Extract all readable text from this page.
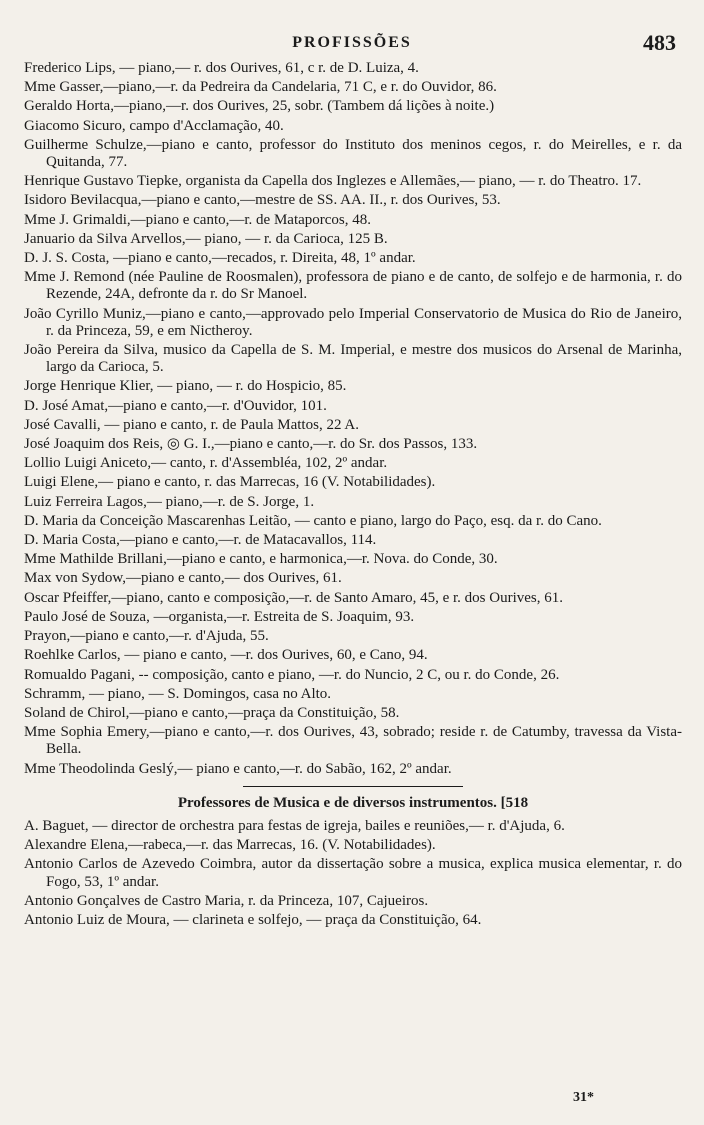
PROFISSÕES	483

Frederico Lips, — piano,— r. dos Ourives, 61, c r. de D. Luiza, 4.

Mme Gasser,—piano,—r. da Pedreira da Candelaria, 71 C, e r. do Ouvidor, 86.

Geraldo Horta,—piano,—r. dos Ourives, 25, sobr. (Tambem dá lições à noite.)

Giacomo Sicuro, campo d'Acclamação, 40.

Guilherme Schulze,—piano e canto, professor do Instituto dos meninos cegos, r. do Meirelles, e r. da Quitanda, 77.

Henrique Gustavo Tiepke, organista da Capella dos Inglezes e Allemães,— piano, — r. do Theatro. 17.

Isidoro Bevilacqua,—piano e canto,—mestre de SS. AA. II., r. dos Ourives, 53.

Mme J. Grimaldi,—piano e canto,—r. de Mataporcos, 48.

Januario da Silva Arvellos,— piano, — r. da Carioca, 125 B.

D. J. S. Costa, —piano e canto,—recados, r. Direita, 48, 1º andar.

Mme J. Remond (née Pauline de Roosmalen), professora de piano e de canto, de solfejo e de harmonia, r. do Rezende, 24A, defronte da r. do Sr Manoel.

João Cyrillo Muniz,—piano e canto,—approvado pelo Imperial Conservatorio de Musica do Rio de Janeiro, r. da Princeza, 59, e em Nictheroy.

João Pereira da Silva, musico da Capella de S. M. Imperial, e mestre dos musicos do Arsenal de Marinha, largo da Carioca, 5.

Jorge Henrique Klier, — piano, — r. do Hospicio, 85.

D. José Amat,—piano e canto,—r. d'Ouvidor, 101.

José Cavalli, — piano e canto, r. de Paula Mattos, 22 A.

José Joaquim dos Reis, ◎ G. I.,—piano e canto,—r. do Sr. dos Passos, 133.

Lollio Luigi Aniceto,— canto, r. d'Assembléa, 102, 2º andar.

Luigi Elene,— piano e canto, r. das Marrecas, 16 (V. Notabilidades).

Luiz Ferreira Lagos,— piano,—r. de S. Jorge, 1.

D. Maria da Conceição Mascarenhas Leitão, — canto e piano, largo do Paço, esq. da r. do Cano.

D. Maria Costa,—piano e canto,—r. de Matacavallos, 114.

Mme Mathilde Brillani,—piano e canto, e harmonica,—r. Nova. do Conde, 30.

Max von Sydow,—piano e canto,— dos Ourives, 61.

Oscar Pfeiffer,—piano, canto e composição,—r. de Santo Amaro, 45, e r. dos Ourives, 61.

Paulo José de Souza, —organista,—r. Estreita de S. Joaquim, 93.

Prayon,—piano e canto,—r. d'Ajuda, 55.

Roehlke Carlos, — piano e canto, —r. dos Ourives, 60, e Cano, 94.

Romualdo Pagani, -- composição, canto e piano, —r. do Nuncio, 2 C, ou r. do Conde, 26.

Schramm, — piano, — S. Domingos, casa no Alto.

Soland de Chirol,—piano e canto,—praça da Constituição, 58.

Mme Sophia Emery,—piano e canto,—r. dos Ourives, 43, sobrado; reside r. de Catumby, travessa da Vista-Bella.

Mme Theodolinda Geslý,— piano e canto,—r. do Sabão, 162, 2º andar.

Professores de Musica e de diversos instrumentos. [518

A. Baguet, — director de orchestra para festas de igreja, bailes e reuniões,— r. d'Ajuda, 6.

Alexandre Elena,—rabeca,—r. das Marrecas, 16. (V. Notabilidades).

Antonio Carlos de Azevedo Coimbra, autor da dissertação sobre a musica, explica musica elementar, r. do Fogo, 53, 1º andar.

Antonio Gonçalves de Castro Maria, r. da Princeza, 107, Cajueiros.

Antonio Luiz de Moura, — clarineta e solfejo, — praça da Constituição, 64.

31*
